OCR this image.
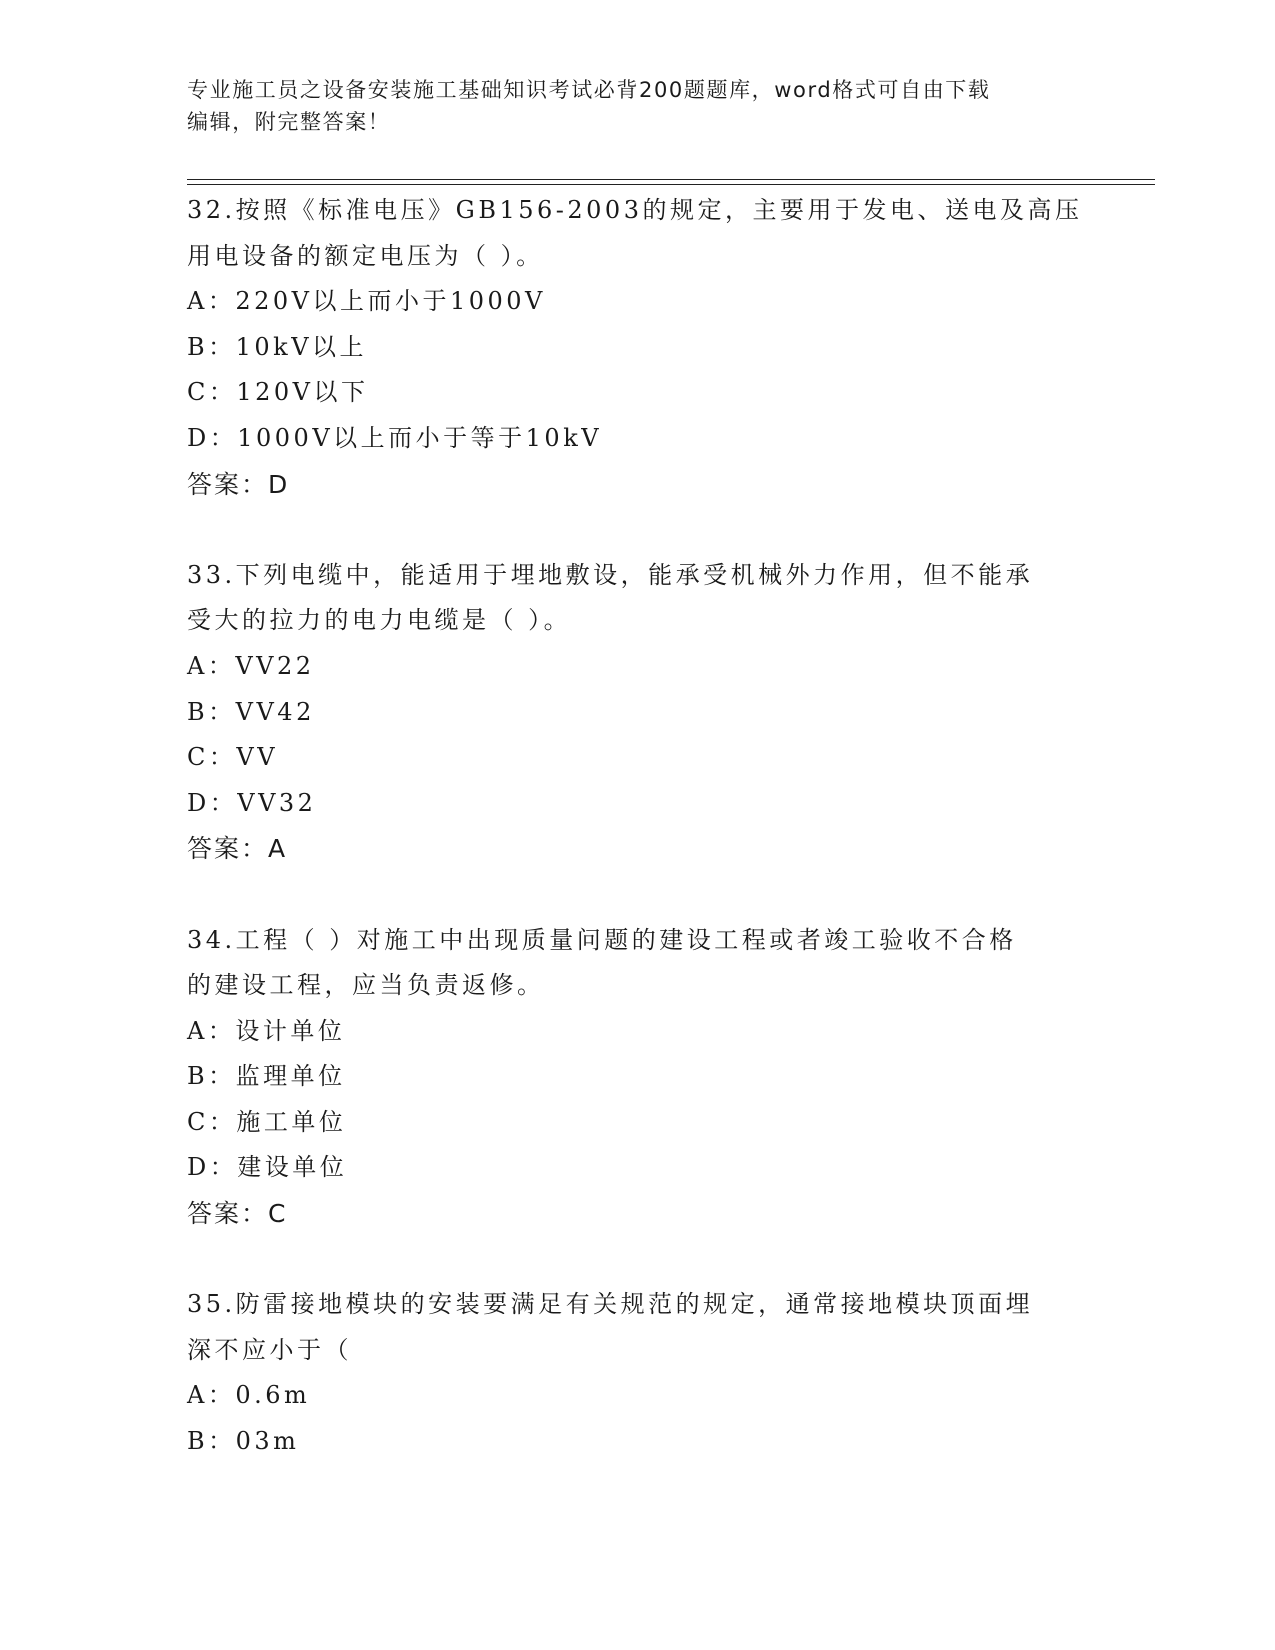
专业施工员之设备安装施工基础知识考试必背200题题库，word格式可自由下载
编辑，附完整答案！
32.按照《标准电压》GB156-2003的规定，主要用于发电、送电及高压
用电设备的额定电压为（ ）。
A：220V以上而小于1000V
B：10kV以上
C：120V以下
D：1000V以上而小于等于10kV
答案：D
33.下列电缆中，能适用于埋地敷设，能承受机械外力作用，但不能承
受大的拉力的电力电缆是（ ）。
A：VV22
B：VV42
C：VV
D：VV32
答案：A
34.工程（ ）对施工中出现质量问题的建设工程或者竣工验收不合格
的建设工程，应当负责返修。
A：设计单位
B：监理单位
C：施工单位
D：建设单位
答案：C
35.防雷接地模块的安装要满足有关规范的规定，通常接地模块顶面埋
深不应小于（
A：0.6m
B：03m
